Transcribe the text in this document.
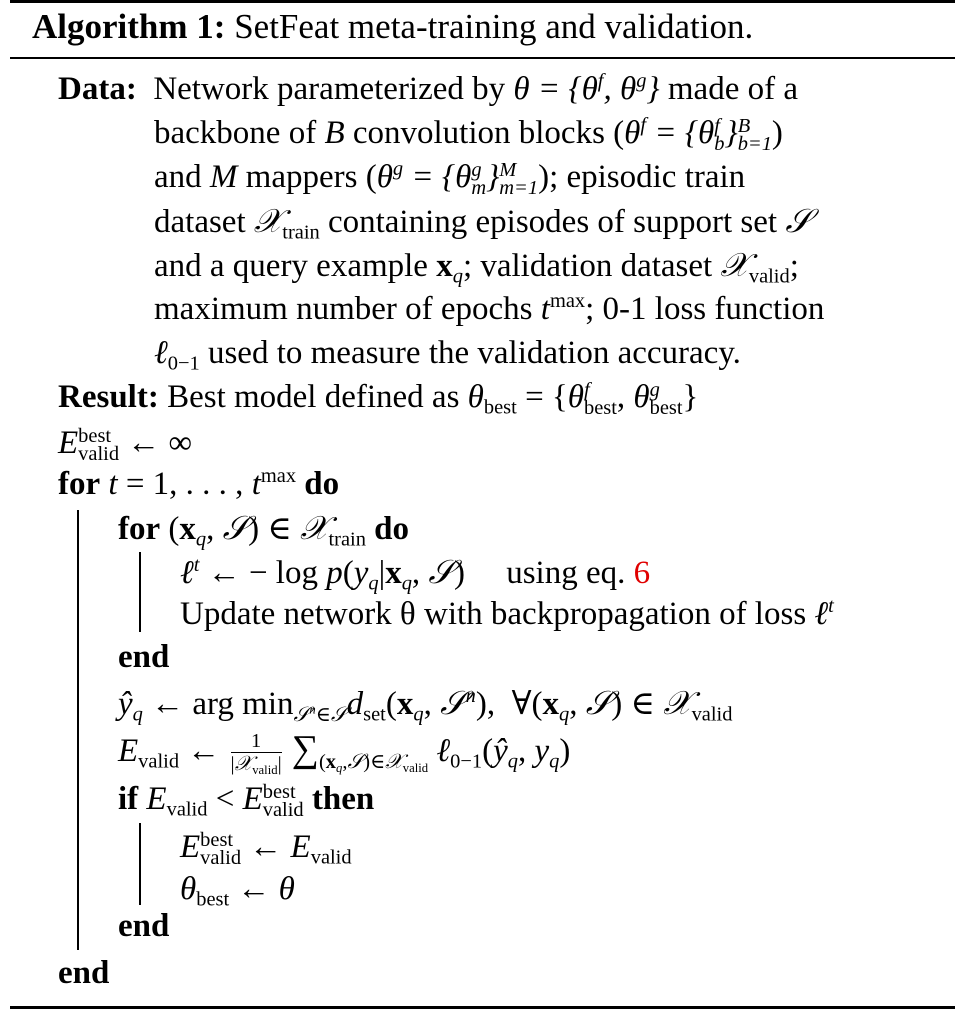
Algorithm 1: SetFeat meta-training and validation.
Data: Network parameterized by $\theta = \{\theta^f$, $\theta^g$} made of a
backbone of B convolution blocks ($\theta^f = \{\theta$ f
b } B
b=1 )
and M mappers ($\theta^g = \{\theta$ g
m } M
m=1 ); episodic train
dataset 𝒳$_{train}$ containing episodes of support set 𝒮
and a query example $x_q$; validation dataset 𝒳$_{valid}$;
maximum number of epochs $t^{max}$; 0-1 loss function
ℓ$_{0-1}$ used to measure the validation accuracy.
Result: Best model defined as $\theta_{best} = \{\theta$ f
best , θ g
best }
E best
valid ← ∞
for t = 1, . . . , $t^{max}$ do
for ($x_q$, 𝒮) ∈ 𝒳$_{train}$ do
ℓ$^t$ ← − $\log p(y_q|x_q$, 𝒮)     using eq. 6
Update network θ with backpropagation of loss ℓ$^t$
end
$ŷ_q$ ← arg $\min_{𝒮^n\in 𝒮}d_{set}(x_q$, 𝒮$^n$),  $\forall(x_q$, 𝒮) ∈ 𝒳$_{valid}$
$E_{valid}$ ← $\frac{1}{|𝒳_{valid}|} \sum_{(x_q,𝒮)\in 𝒳_{valid}}$ $\ell_{0-1}(ŷ_q$, $y_q$)
if $E_{valid} < E$ best
valid then
E best
valid ← $E_{valid}$
$\theta_{best}$ ← θ
end
end
